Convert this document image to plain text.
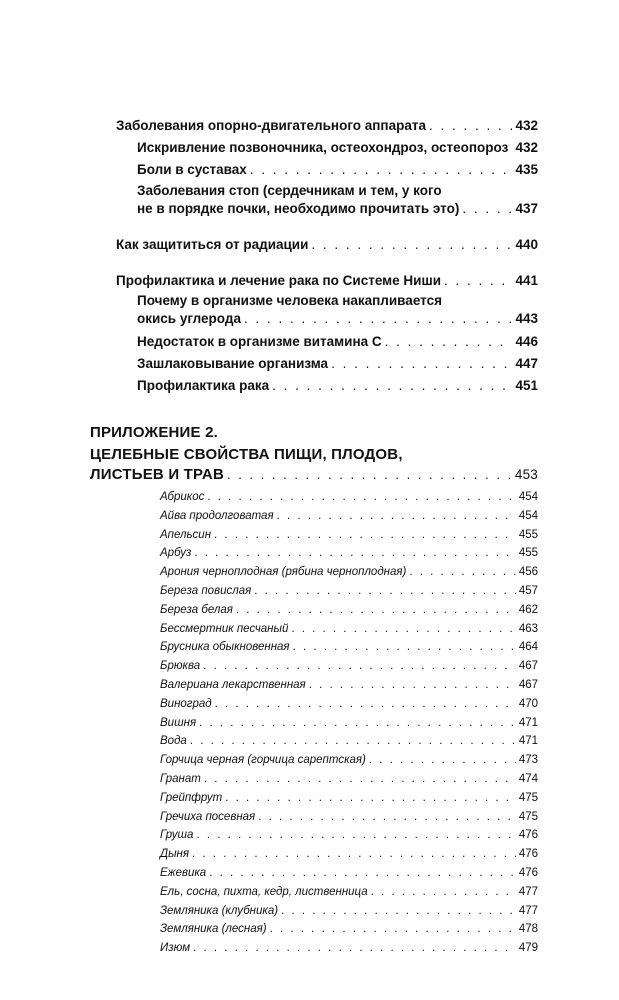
Заболевания опорно-двигательного аппарата . . .	432
Искривление позвоночника, остеохондроз, остеопороз . . . 432
Боли в суставах . . .	435
Заболевания стоп (сердечникам и тем, у кого
не в порядке почки, необходимо прочитать это) . . .	437
Как защититься от радиации . . .	440
Профилактика и лечение рака по Системе Ниши . . .	441
Почему в организме человека накапливается
окись углерода . . .	443
Недостаток в организме витамина С . . .	446
Зашлаковывание организма . . .	447
Профилактика рака . . .	451
ПРИЛОЖЕНИЕ 2.
ЦЕЛЕБНЫЕ СВОЙСТВА ПИЩИ, ПЛОДОВ,
ЛИСТЬЕВ И ТРАВ . . .	453
Абрикос . . .	454
Айва продолговатая . . .	454
Апельсин . . .	455
Арбуз . . .	455
Арония черноплодная (рябина черноплодная) . . .	456
Береза повислая . . .	457
Береза белая . . .	462
Бессмертник песчаный . . .	463
Брусника обыкновенная . . .	464
Брюква . . .	467
Валериана лекарственная . . .	467
Виноград . . .	470
Вишня . . .	471
Вода . . .	471
Горчица черная (горчица сарептская) . . .	473
Гранат . . .	474
Грейпфрут . . .	475
Гречиха посевная . . .	475
Груша . . .	476
Дыня . . .	476
Ежевика . . .	476
Ель, сосна, пихта, кедр, лиственница . . .	477
Земляника (клубника) . . .	477
Земляника (лесная) . . .	478
Изюм . . .	479
